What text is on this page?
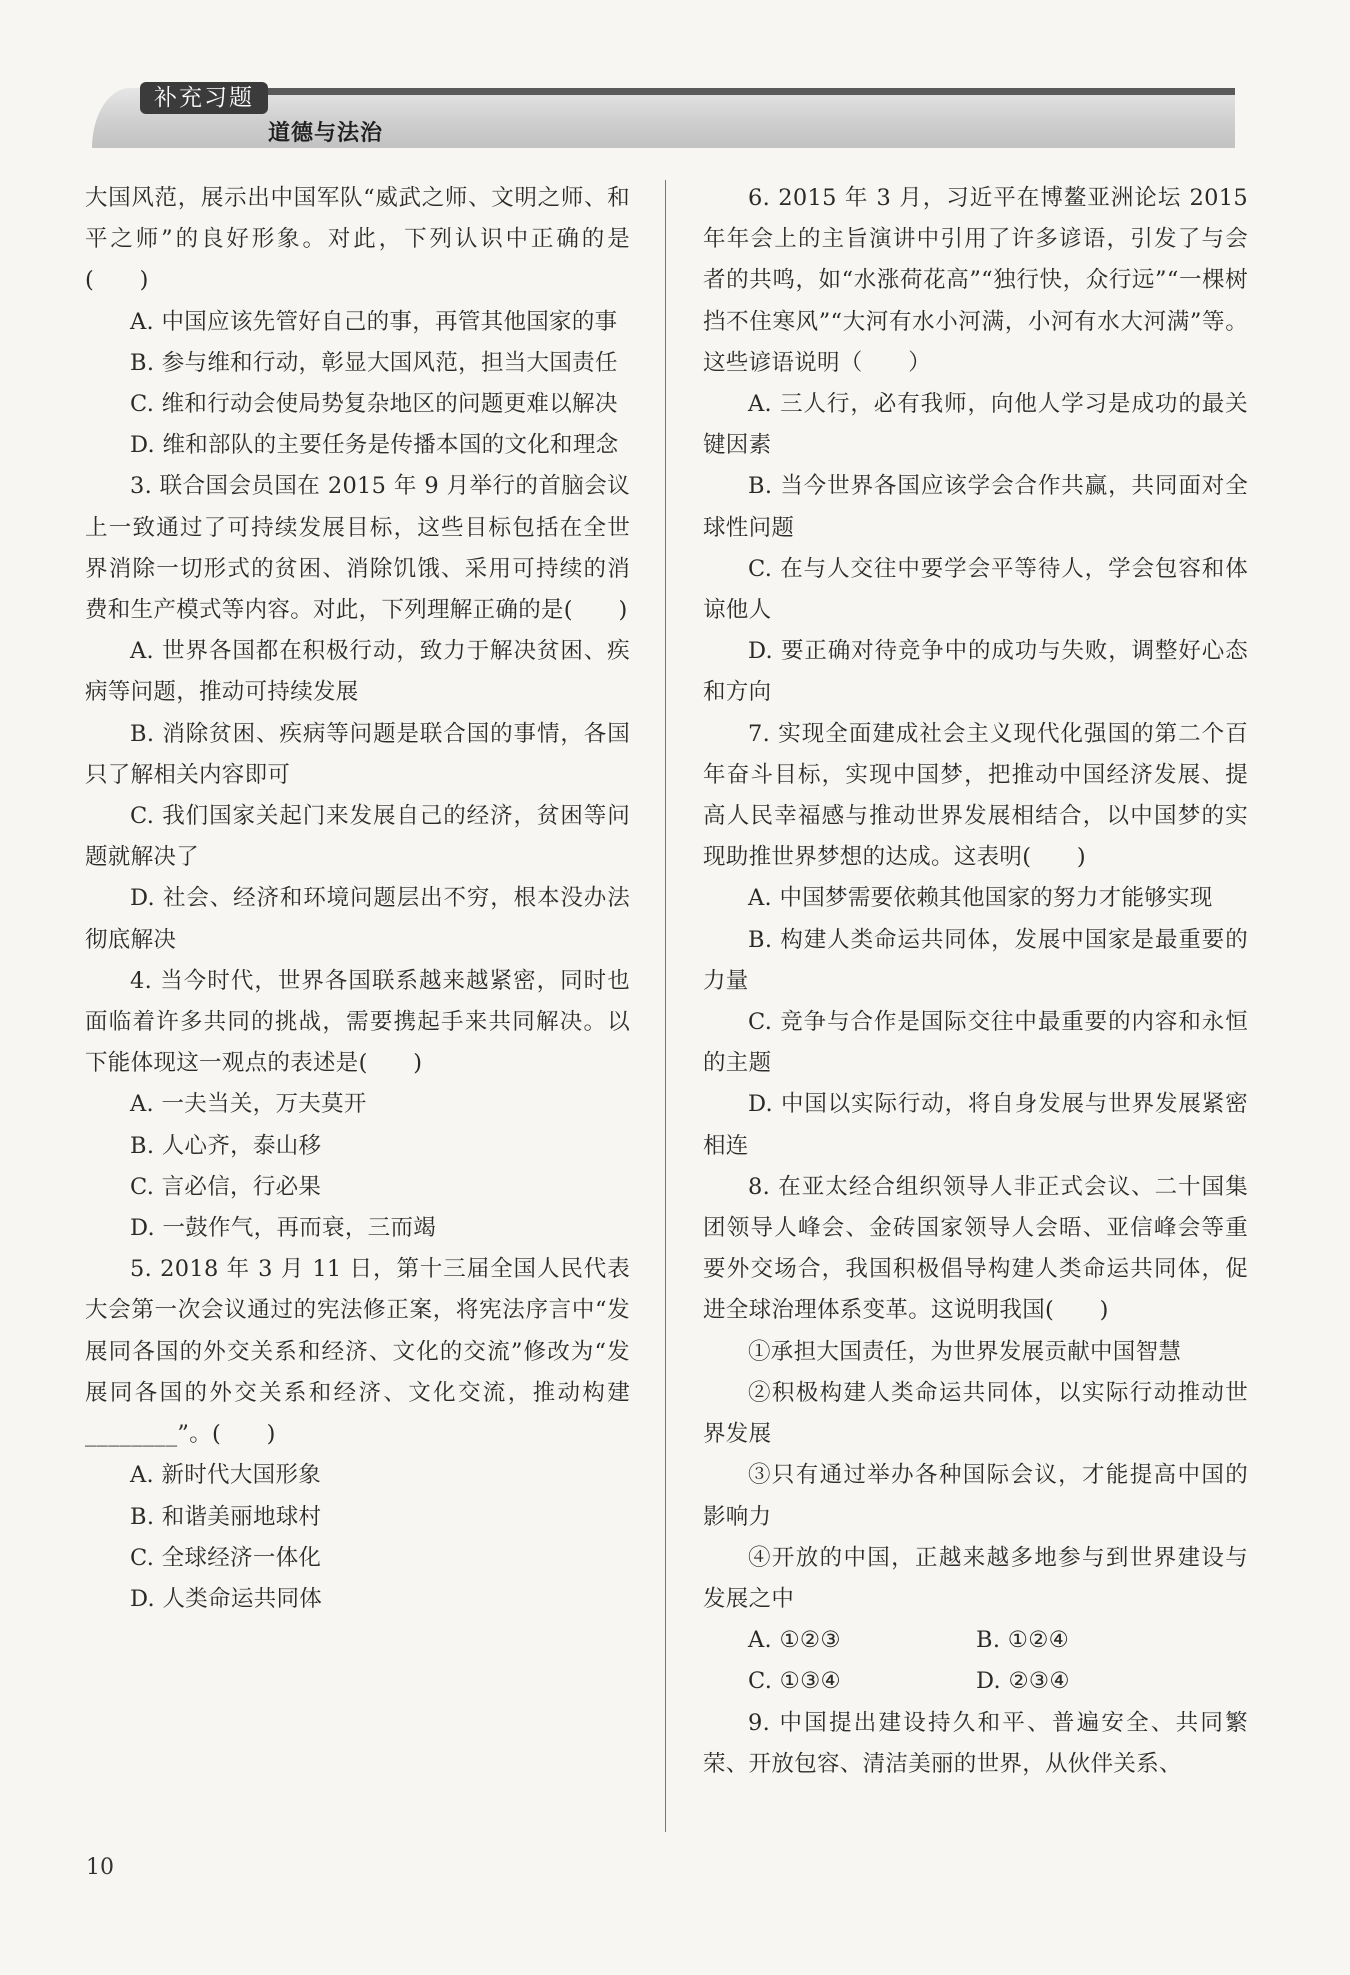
补充习题
道德与法治

大国风范，展示出中国军队“威武之师、文明之师、和平之师”的良好形象。对此，下列认识中正确的是(　　)

A. 中国应该先管好自己的事，再管其他国家的事

B. 参与维和行动，彰显大国风范，担当大国责任

C. 维和行动会使局势复杂地区的问题更难以解决

D. 维和部队的主要任务是传播本国的文化和理念

3. 联合国会员国在 2015 年 9 月举行的首脑会议上一致通过了可持续发展目标，这些目标包括在全世界消除一切形式的贫困、消除饥饿、采用可持续的消费和生产模式等内容。对此，下列理解正确的是(　　)

A. 世界各国都在积极行动，致力于解决贫困、疾病等问题，推动可持续发展

B. 消除贫困、疾病等问题是联合国的事情，各国只了解相关内容即可

C. 我们国家关起门来发展自己的经济，贫困等问题就解决了

D. 社会、经济和环境问题层出不穷，根本没办法彻底解决

4. 当今时代，世界各国联系越来越紧密，同时也面临着许多共同的挑战，需要携起手来共同解决。以下能体现这一观点的表述是(　　)

A. 一夫当关，万夫莫开

B. 人心齐，泰山移

C. 言必信，行必果

D. 一鼓作气，再而衰，三而竭

5. 2018 年 3 月 11 日，第十三届全国人民代表大会第一次会议通过的宪法修正案，将宪法序言中“发展同各国的外交关系和经济、文化的交流”修改为“发展同各国的外交关系和经济、文化交流，推动构建________”。(　　)

A. 新时代大国形象

B. 和谐美丽地球村

C. 全球经济一体化

D. 人类命运共同体

6. 2015 年 3 月，习近平在博鳌亚洲论坛 2015 年年会上的主旨演讲中引用了许多谚语，引发了与会者的共鸣，如“水涨荷花高”“独行快，众行远”“一棵树挡不住寒风”“大河有水小河满，小河有水大河满”等。这些谚语说明（　　）

A. 三人行，必有我师，向他人学习是成功的最关键因素

B. 当今世界各国应该学会合作共赢，共同面对全球性问题

C. 在与人交往中要学会平等待人，学会包容和体谅他人

D. 要正确对待竞争中的成功与失败，调整好心态和方向

7. 实现全面建成社会主义现代化强国的第二个百年奋斗目标，实现中国梦，把推动中国经济发展、提高人民幸福感与推动世界发展相结合，以中国梦的实现助推世界梦想的达成。这表明(　　)

A. 中国梦需要依赖其他国家的努力才能够实现

B. 构建人类命运共同体，发展中国家是最重要的力量

C. 竞争与合作是国际交往中最重要的内容和永恒的主题

D. 中国以实际行动，将自身发展与世界发展紧密相连

8. 在亚太经合组织领导人非正式会议、二十国集团领导人峰会、金砖国家领导人会晤、亚信峰会等重要外交场合，我国积极倡导构建人类命运共同体，促进全球治理体系变革。这说明我国(　　)

①承担大国责任，为世界发展贡献中国智慧

②积极构建人类命运共同体，以实际行动推动世界发展

③只有通过举办各种国际会议，才能提高中国的影响力

④开放的中国，正越来越多地参与到世界建设与发展之中

A. ①②③	B. ①②④
C. ①③④	D. ②③④

9. 中国提出建设持久和平、普遍安全、共同繁荣、开放包容、清洁美丽的世界，从伙伴关系、

10
